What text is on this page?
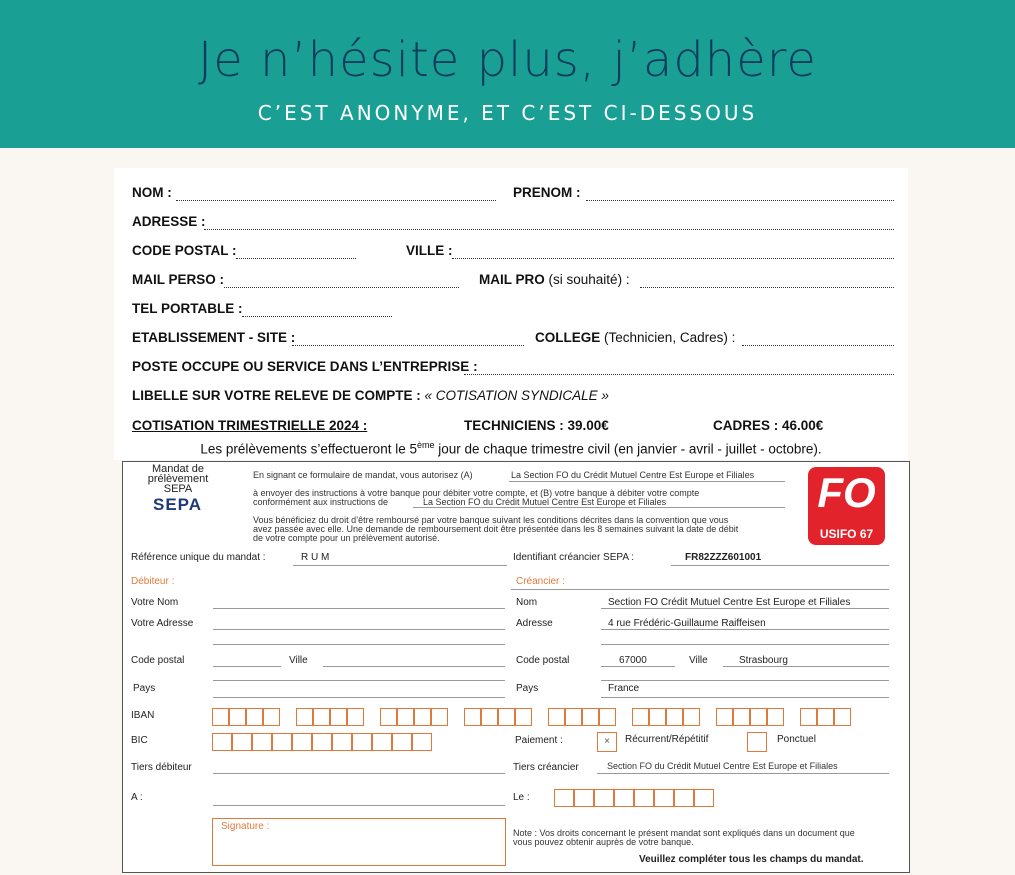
Je n’hésite plus, j’adhère
C’EST ANONYME, ET C’EST CI-DESSOUS
NOM :	PRENOM :
ADRESSE :
CODE POSTAL :	VILLE :
MAIL PERSO :	MAIL PRO (si souhaité) :
TEL PORTABLE :
ETABLISSEMENT - SITE :	COLLEGE (Technicien, Cadres) :
POSTE OCCUPE OU SERVICE DANS L’ENTREPRISE :
LIBELLE SUR VOTRE RELEVE DE COMPTE : « COTISATION SYNDICALE »
COTISATION TRIMESTRIELLE 2024 :	TECHNICIENS : 39.00€	CADRES : 46.00€
Les prélèvements s’effectueront le 5ème jour de chaque trimestre civil (en janvier - avril - juillet - octobre).
Mandat de
prélèvement
SEPA
SEPA
En signant ce formulaire de mandat, vous autorisez (A)	La Section FO du Crédit Mutuel Centre Est Europe et Filiales
à envoyer des instructions à votre banque pour débiter votre compte, et (B) votre banque à débiter votre compte
conformément aux instructions de	La Section FO du Crédit Mutuel Centre Est Europe et Filiales
Vous bénéficiez du droit d’être remboursé par votre banque suivant les conditions décrites dans la convention que vous
avez passée avec elle. Une demande de remboursement doit être présentée dans les 8 semaines suivant la date de débit
de votre compte pour un prélèvement autorisé.
FO
USIFO 67
Référence unique du mandat :	R U M	Identifiant créancier SEPA :	FR82ZZZ601001
Débiteur :	Créancier :
Votre Nom	Nom	Section FO Crédit Mutuel Centre Est Europe et Filiales
Votre Adresse	Adresse	4 rue Frédéric-Guillaume Raiffeisen
Code postal	Ville	Code postal	67000	Ville	Strasbourg
Pays	Pays	France
IBAN
BIC	Paiement :	×	Récurrent/Répétitif	Ponctuel
Tiers débiteur	Tiers créancier	Section FO du Crédit Mutuel Centre Est Europe et Filiales
A :	Le :
Signature :
Note : Vos droits concernant le présent mandat sont expliqués dans un document que
vous pouvez obtenir auprès de votre banque.
Veuillez compléter tous les champs du mandat.
